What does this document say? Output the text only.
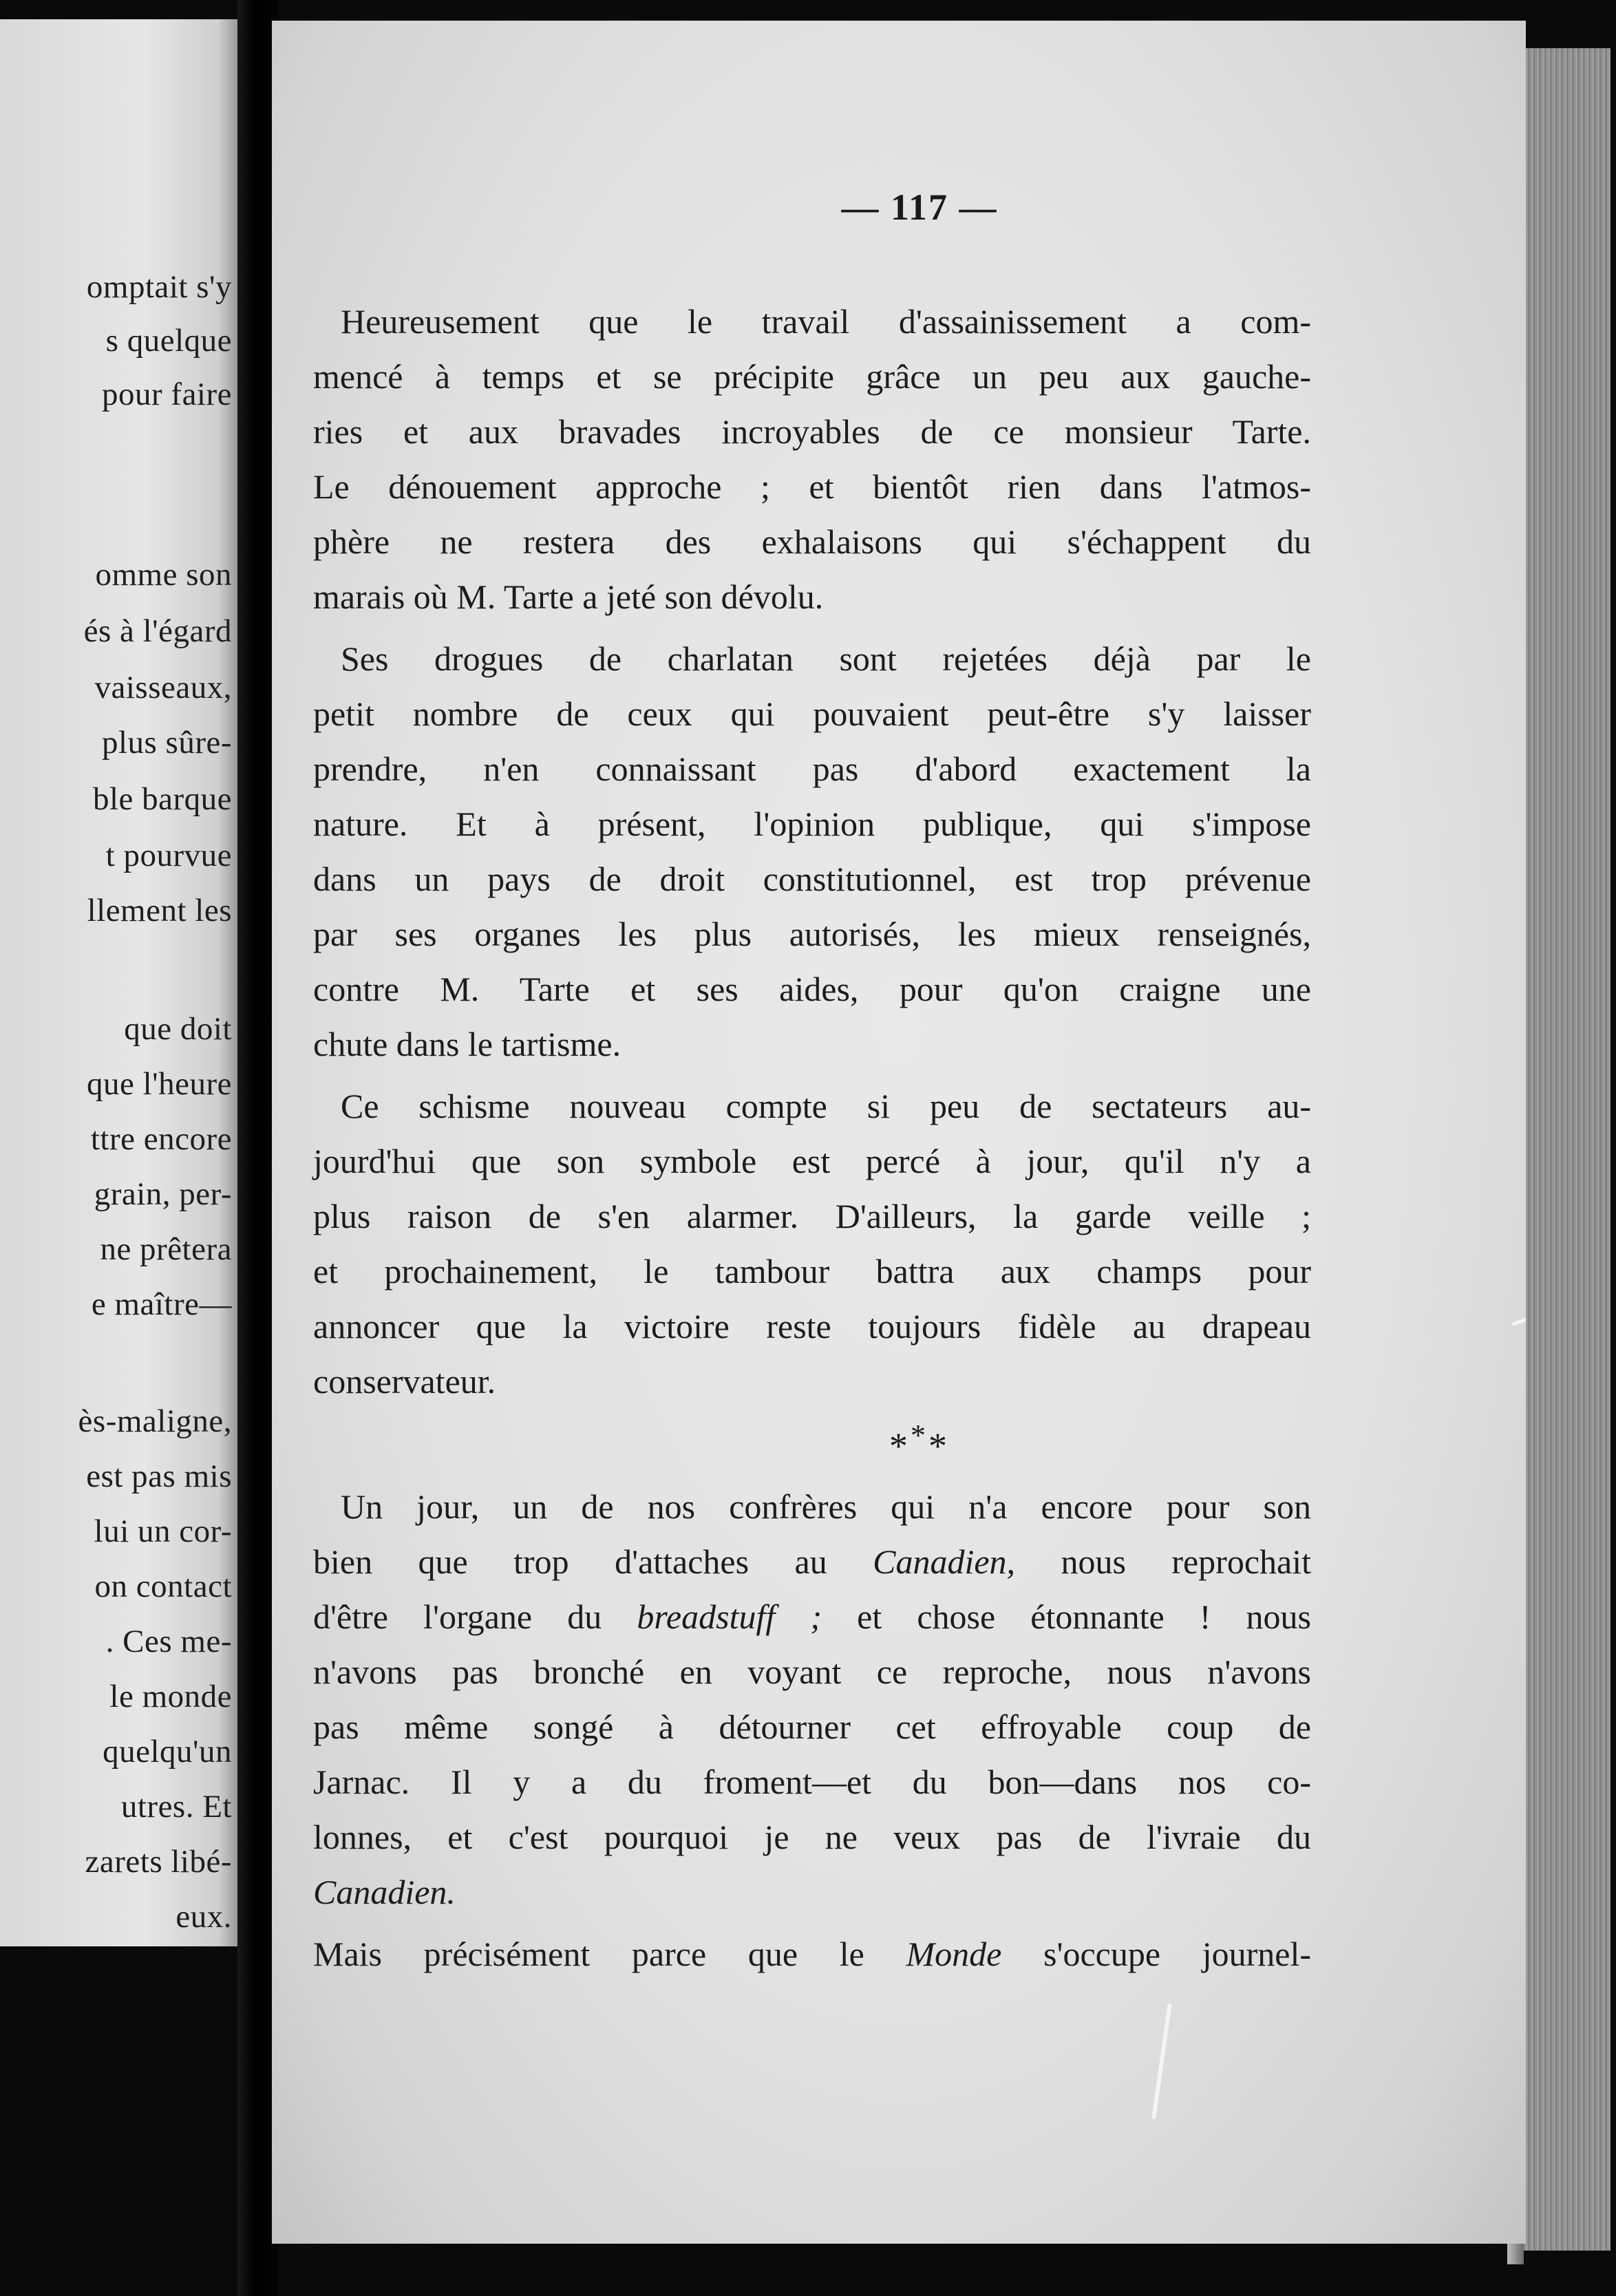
omptait s'y
s quelque
pour faire
omme son
és à l'égard
vaisseaux,
plus sûre-
ble barque
t pourvue
llement les
que doit
que l'heure
ttre encore
grain, per-
ne prêtera
e maître—
ès-maligne,
est pas mis
lui un cor-
on contact
. Ces me-
le monde
quelqu'un
utres. Et
zarets libé-
eux.
— 117 —
Heureusement que le travail d'assainissement a com-
mencé à temps et se précipite grâce un peu aux gauche-
ries et aux bravades incroyables de ce monsieur Tarte.
Le dénouement approche ; et bientôt rien dans l'atmos-
phère ne restera des exhalaisons qui s'échappent du
marais où M. Tarte a jeté son dévolu.
Ses drogues de charlatan sont rejetées déjà par le
petit nombre de ceux qui pouvaient peut-être s'y laisser
prendre, n'en connaissant pas d'abord exactement la
nature. Et à présent, l'opinion publique, qui s'impose
dans un pays de droit constitutionnel, est trop prévenue
par ses organes les plus autorisés, les mieux renseignés,
contre M. Tarte et ses aides, pour qu'on craigne une
chute dans le tartisme.
Ce schisme nouveau compte si peu de sectateurs au-
jourd'hui que son symbole est percé à jour, qu'il n'y a
plus raison de s'en alarmer. D'ailleurs, la garde veille ;
et prochainement, le tambour battra aux champs pour
annoncer que la victoire reste toujours fidèle au drapeau
conservateur.
***
Un jour, un de nos confrères qui n'a encore pour son
bien que trop d'attaches au Canadien, nous reprochait
d'être l'organe du breadstuff ; et chose étonnante ! nous
n'avons pas bronché en voyant ce reproche, nous n'avons
pas même songé à détourner cet effroyable coup de
Jarnac. Il y a du froment—et du bon—dans nos co-
lonnes, et c'est pourquoi je ne veux pas de l'ivraie du
Canadien.
Mais précisément parce que le Monde s'occupe journel-
